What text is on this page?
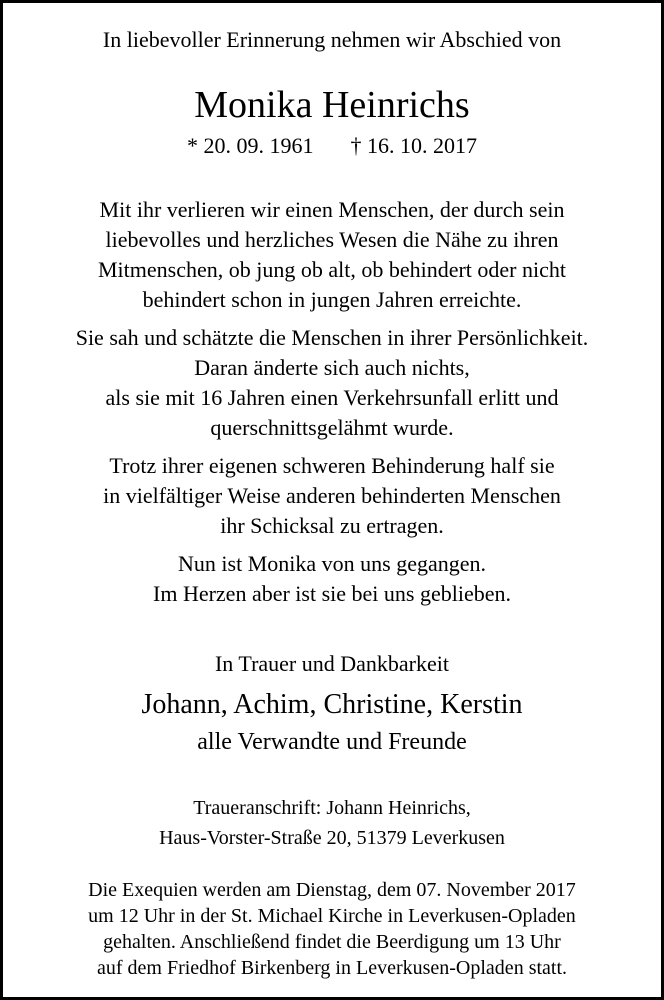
In liebevoller Erinnerung nehmen wir Abschied von
Monika Heinrichs
* 20. 09. 1961 † 16. 10. 2017
Mit ihr verlieren wir einen Menschen, der durch sein
liebevolles und herzliches Wesen die Nähe zu ihren
Mitmenschen, ob jung ob alt, ob behindert oder nicht
behindert schon in jungen Jahren erreichte.
Sie sah und schätzte die Menschen in ihrer Persönlichkeit.
Daran änderte sich auch nichts,
als sie mit 16 Jahren einen Verkehrsunfall erlitt und
querschnittsgelähmt wurde.
Trotz ihrer eigenen schweren Behinderung half sie
in vielfältiger Weise anderen behinderten Menschen
ihr Schicksal zu ertragen.
Nun ist Monika von uns gegangen.
Im Herzen aber ist sie bei uns geblieben.
In Trauer und Dankbarkeit
Johann, Achim, Christine, Kerstin
alle Verwandte und Freunde
Traueranschrift: Johann Heinrichs,
Haus-Vorster-Straße 20, 51379 Leverkusen
Die Exequien werden am Dienstag, dem 07. November 2017
um 12 Uhr in der St. Michael Kirche in Leverkusen-Opladen
gehalten. Anschließend findet die Beerdigung um 13 Uhr
auf dem Friedhof Birkenberg in Leverkusen-Opladen statt.
